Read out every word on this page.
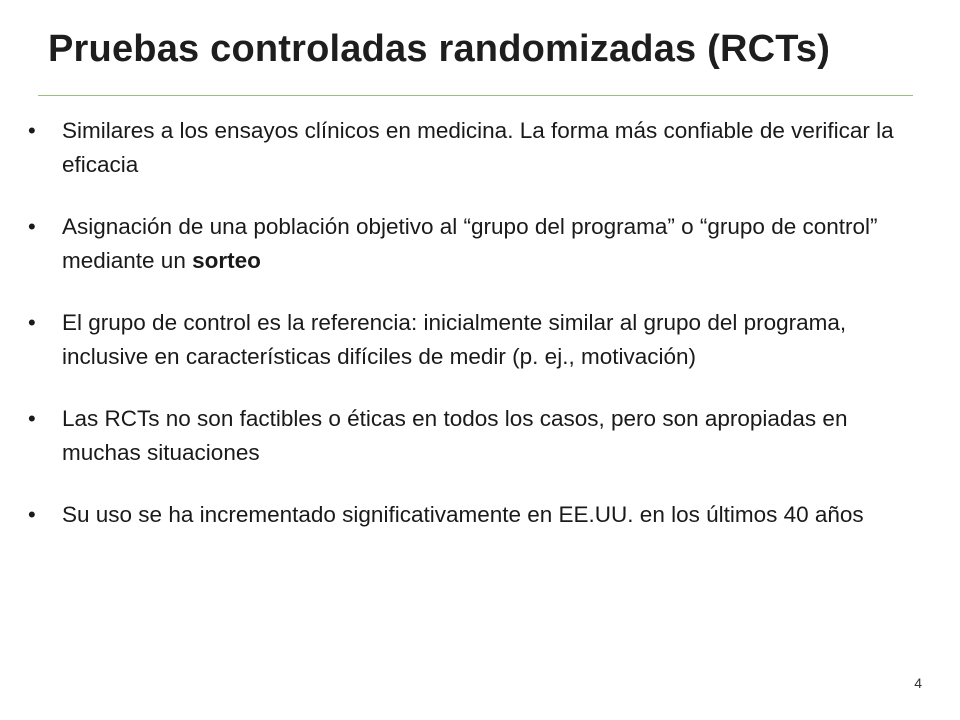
Pruebas controladas randomizadas (RCTs)
• Similares a los ensayos clínicos en medicina. La forma más confiable de verificar la eficacia
• Asignación de una población objetivo al “grupo del programa” o “grupo de control” mediante un sorteo
• El grupo de control es la referencia: inicialmente similar al grupo del programa, inclusive en características difíciles de medir (p. ej., motivación)
• Las RCTs no son factibles o éticas en todos los casos, pero son apropiadas en muchas situaciones
• Su uso se ha incrementado significativamente en EE.UU. en los últimos 40 años
4
